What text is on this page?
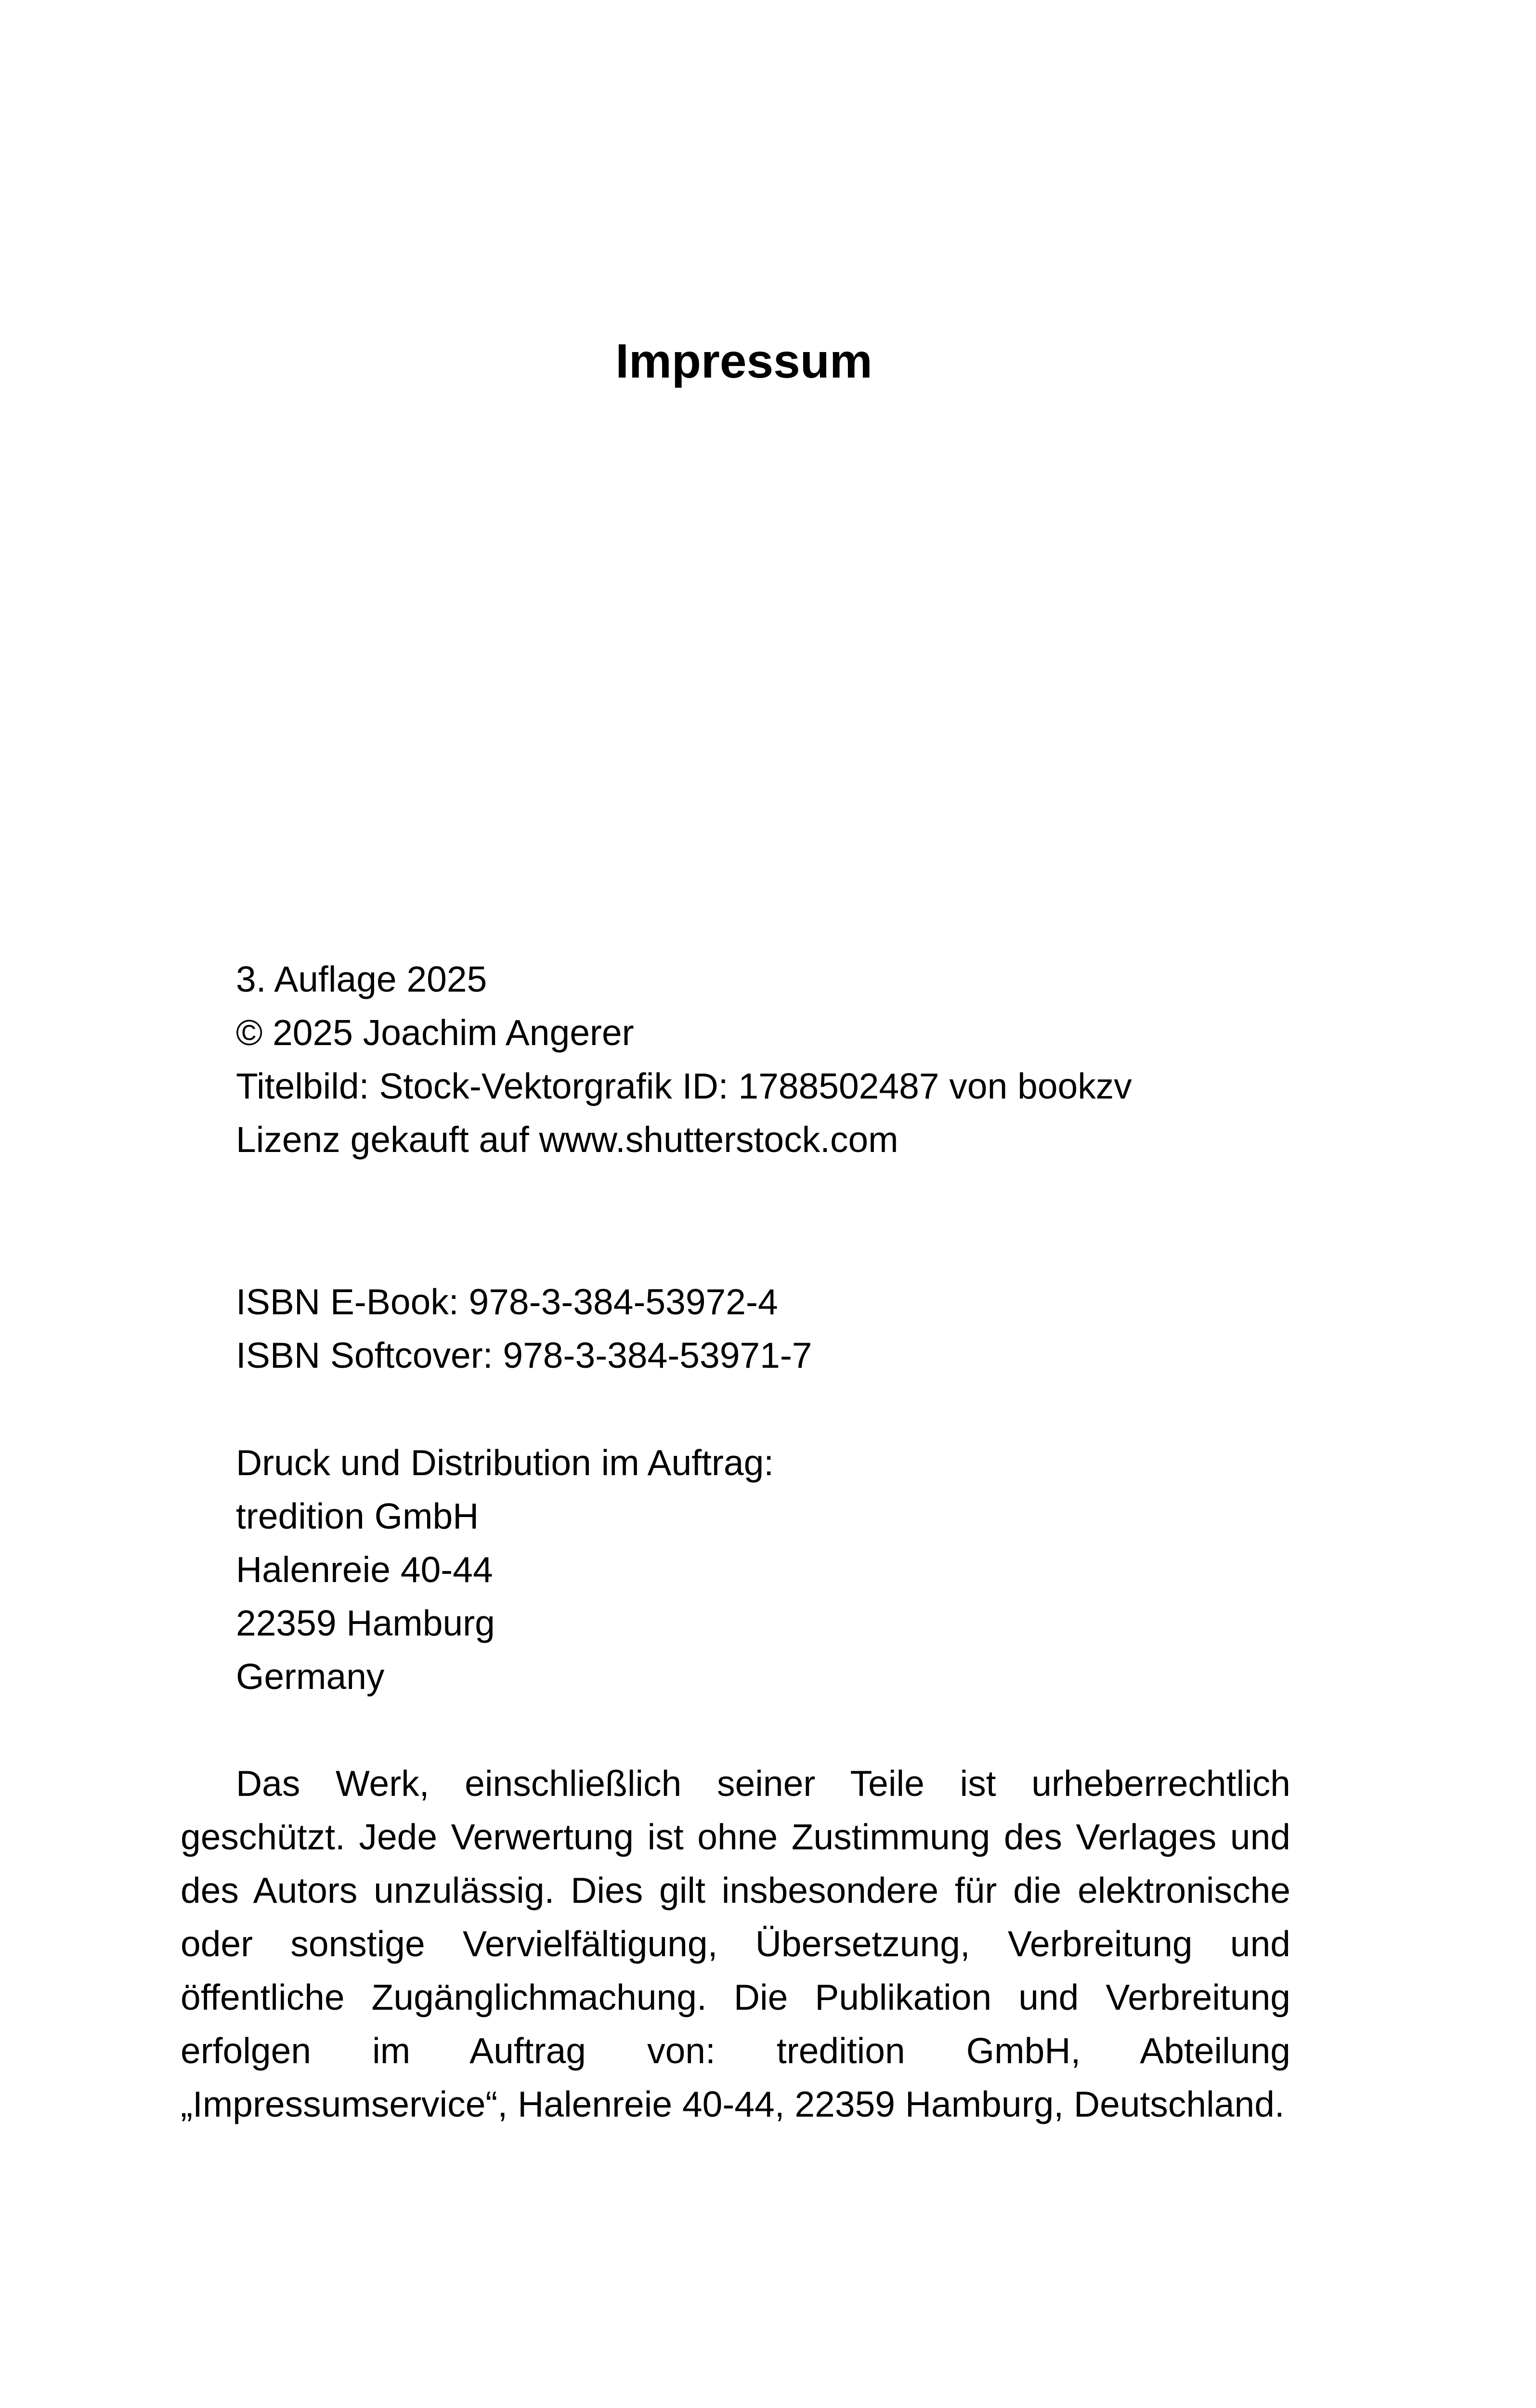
Impressum
3. Auflage 2025
© 2025 Joachim Angerer
Titelbild: Stock-Vektorgrafik ID: 1788502487 von bookzv
Lizenz gekauft auf www.shutterstock.com
ISBN E-Book: 978-3-384-53972-4
ISBN Softcover: 978-3-384-53971-7
Druck und Distribution im Auftrag:
tredition GmbH
Halenreie 40-44
22359 Hamburg
Germany

Das Werk, einschließlich seiner Teile ist urheberrechtlich geschützt. Jede Verwertung ist ohne Zustimmung des Verlages und des Autors unzulässig. Dies gilt insbesondere für die elektronische oder sonstige Vervielfältigung, Übersetzung, Verbreitung und öffentliche Zugänglichmachung. Die Publikation und Verbreitung erfolgen im Auftrag von: tredition GmbH, Abteilung „Impressumservice“, Halenreie 40-44, 22359 Hamburg, Deutschland.
